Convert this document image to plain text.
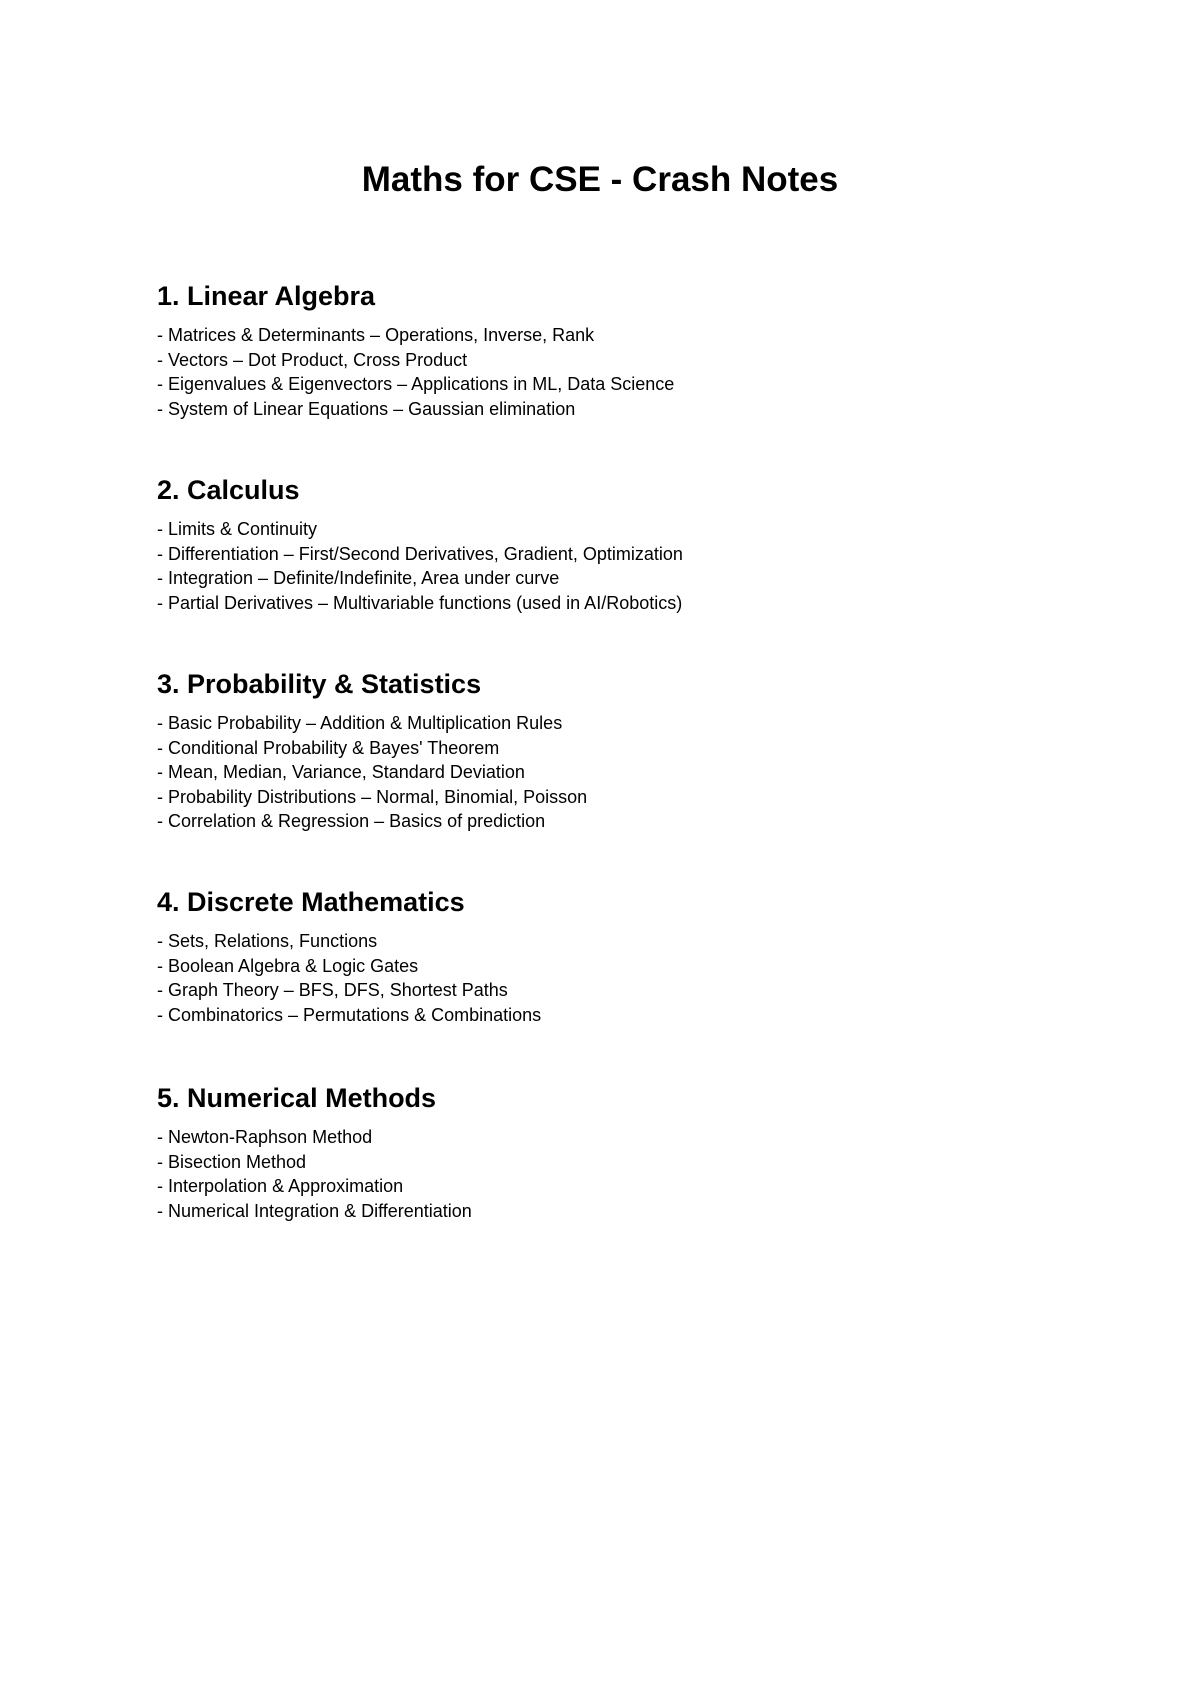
Maths for CSE - Crash Notes
1. Linear Algebra
- Matrices & Determinants – Operations, Inverse, Rank
- Vectors – Dot Product, Cross Product
- Eigenvalues & Eigenvectors – Applications in ML, Data Science
- System of Linear Equations – Gaussian elimination
2. Calculus
- Limits & Continuity
- Differentiation – First/Second Derivatives, Gradient, Optimization
- Integration – Definite/Indefinite, Area under curve
- Partial Derivatives – Multivariable functions (used in AI/Robotics)
3. Probability & Statistics
- Basic Probability – Addition & Multiplication Rules
- Conditional Probability & Bayes' Theorem
- Mean, Median, Variance, Standard Deviation
- Probability Distributions – Normal, Binomial, Poisson
- Correlation & Regression – Basics of prediction
4. Discrete Mathematics
- Sets, Relations, Functions
- Boolean Algebra & Logic Gates
- Graph Theory – BFS, DFS, Shortest Paths
- Combinatorics – Permutations & Combinations
5. Numerical Methods
- Newton-Raphson Method
- Bisection Method
- Interpolation & Approximation
- Numerical Integration & Differentiation
